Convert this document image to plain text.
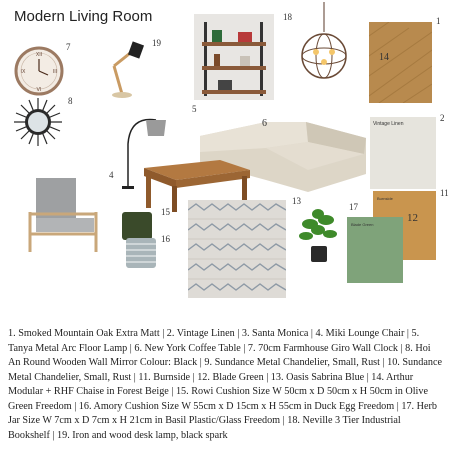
Modern Living Room
XII
III
VI
IX
7
8
19
18	1
14
Vintage Linen
2
5
6
4
15
16
13
17
Burnside
11
12
Blade Green
1. Smoked Mountain Oak Extra Matt | 2. Vintage Linen | 3. Santa Monica | 4. Miki Lounge Chair | 5. Tanya Metal Arc Floor Lamp | 6. New York Coffee Table | 7. 70cm Farmhouse Giro Wall Clock | 8. Hoi An Round Wooden Wall Mirror Colour: Black | 9. Sundance Metal Chandelier, Small, Rust | 10. Sundance Metal Chandelier, Small, Rust | 11. Burnside | 12. Blade Green | 13. Oasis Sabrina Blue | 14. Arthur Modular + RHF Chaise in Forest Beige | 15. Rowi Cushion Size W 50cm x D 50cm x H 50cm in Olive Green Freedom | 16. Amory Cushion Size W 55cm x D 15cm x H 55cm in Duck Egg Freedom | 17. Herb Jar Size W 7cm x D 7cm x H 21cm in Basil Plastic/Glass Freedom | 18. Neville 3 Tier Industrial Bookshelf | 19. Iron and wood desk lamp, black spark
